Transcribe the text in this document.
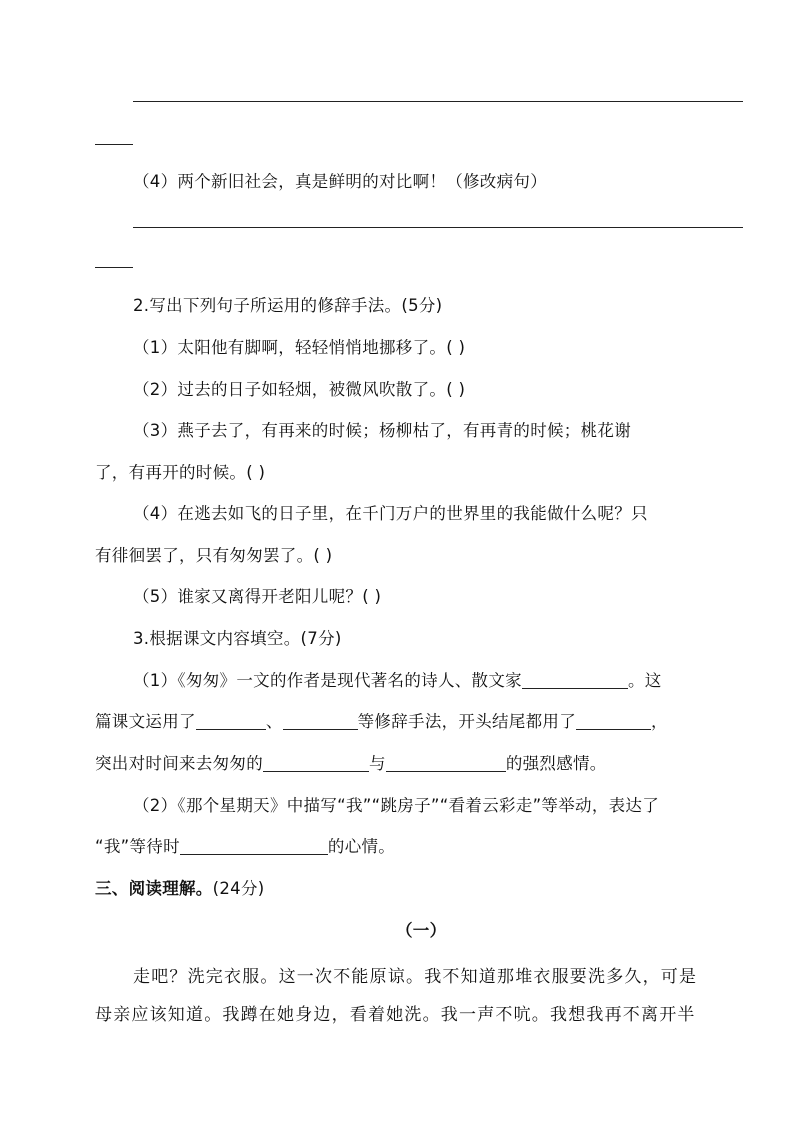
（4）两个新旧社会，真是鲜明的对比啊！（修改病句）
2.写出下列句子所运用的修辞手法。(5分)
（1）太阳他有脚啊，轻轻悄悄地挪移了。( )
（2）过去的日子如轻烟，被微风吹散了。( )
（3）燕子去了，有再来的时候；杨柳枯了，有再青的时候；桃花谢
了，有再开的时候。( )
（4）在逃去如飞的日子里，在千门万户的世界里的我能做什么呢？只
有徘徊罢了，只有匆匆罢了。( )
（5）谁家又离得开老阳儿呢？( )
3.根据课文内容填空。(7分)
（1）《匆匆》一文的作者是现代著名的诗人、散文家	。这
篇课文运用了	、	等修辞手法，开头结尾都用了	，
突出对时间来去匆匆的	与	的强烈感情。
（2）《那个星期天》中描写“我”“跳房子”“看着云彩走”等举动，表达了
“我”等待时	的心情。
三、阅读理解。(24分)
（一）
走吧？洗完衣服。这一次不能原谅。我不知道那堆衣服要洗多久，可是
母亲应该知道。我蹲在她身边，看着她洗。我一声不吭。我想我再不离开半
